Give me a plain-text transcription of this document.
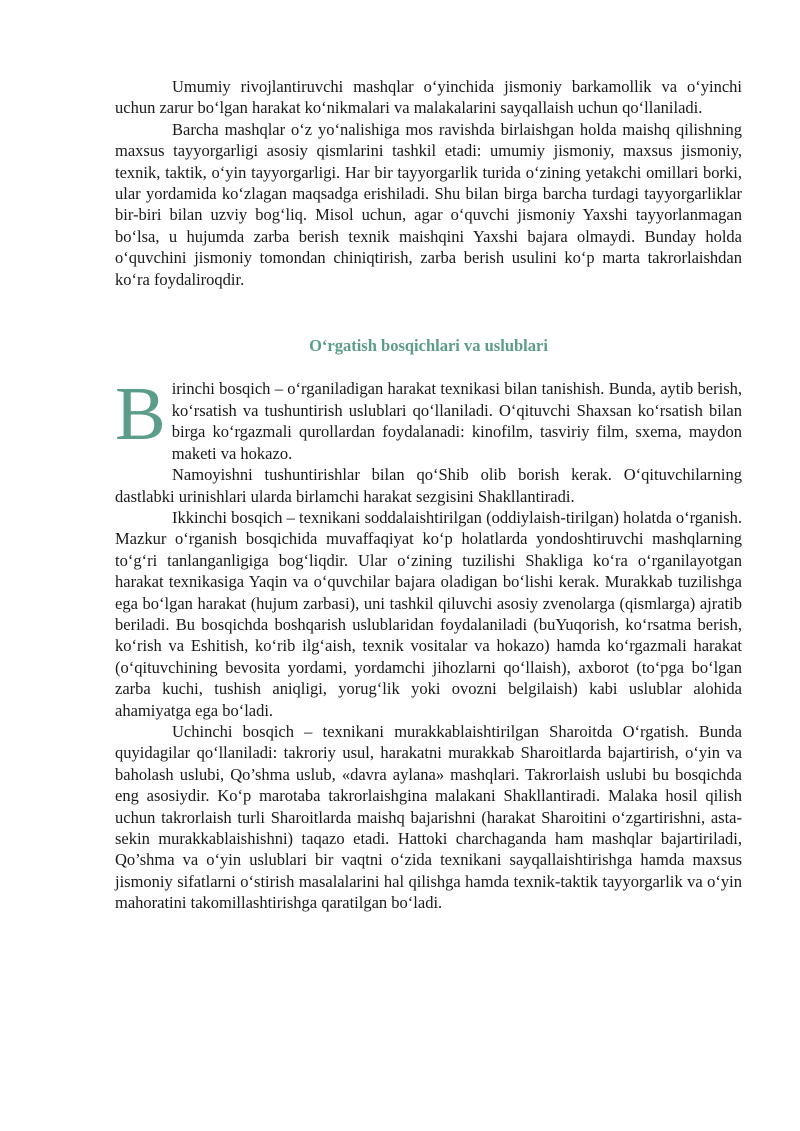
Umumiy rivojlantiruvchi mashqlar o‘yinchida jismoniy barkamollik va o‘yinchi uchun zarur bo‘lgan harakat ko‘nikmalari va malakalarini sayqallaish uchun qo‘llaniladi.

Barcha mashqlar o‘z yo‘nalishiga mos ravishda birlaishgan holda maishq qilishning maxsus tayyorgarligi asosiy qismlarini tashkil etadi: umumiy jismoniy, maxsus jismoniy, texnik, taktik, o‘yin tayyorgarligi. Har bir tayyorgarlik turida o‘zining yetakchi omillari borki, ular yordamida ko‘zlagan maqsadga erishiladi. Shu bilan birga barcha turdagi tayyorgarliklar bir-biri bilan uzviy bog‘liq. Misol uchun, agar o‘quvchi jismoniy Yaxshi tayyorlanmagan bo‘lsa, u hujumda zarba berish texnik maishqini Yaxshi bajara olmaydi. Bunday holda o‘quvchini jismoniy tomondan chiniqtirish, zarba berish usulini ko‘p marta takrorlaishdan ko‘ra foydaliroqdir.

O‘rgatish bosqichlari va uslublari

Birinchi bosqich – o‘rganiladigan harakat texnikasi bilan tanishish. Bunda, aytib berish, ko‘rsatish va tushuntirish uslublari qo‘llaniladi. O‘qituvchi Shaxsan ko‘rsatish bilan birga ko‘rgazmali qurollardan foydalanadi: kinofilm, tasviriy film, sxema, maydon maketi va hokazo.

Namoyishni tushuntirishlar bilan qo‘Shib olib borish kerak. O‘qituvchilarning dastlabki urinishlari ularda birlamchi harakat sezgisini Shakllantiradi.

Ikkinchi bosqich – texnikani soddalaishtirilgan (oddiylaish-tirilgan) holatda o‘rganish. Mazkur o‘rganish bosqichida muvaffaqiyat ko‘p holatlarda yondoshtiruvchi mashqlarning to‘g‘ri tanlanganligiga bog‘liqdir. Ular o‘zining tuzilishi Shakliga ko‘ra o‘rganilayotgan harakat texnikasiga Yaqin va o‘quvchilar bajara oladigan bo‘lishi kerak. Murakkab tuzilishga ega bo‘lgan harakat (hujum zarbasi), uni tashkil qiluvchi asosiy zvenolarga (qismlarga) ajratib beriladi. Bu bosqichda boshqarish uslublaridan foydalaniladi (buYuqorish, ko‘rsatma berish, ko‘rish va Eshitish, ko‘rib ilg‘aish, texnik vositalar va hokazo) hamda ko‘rgazmali harakat (o‘qituvchining bevosita yordami, yordamchi jihozlarni qo‘llaish), axborot (to‘pga bo‘lgan zarba kuchi, tushish aniqligi, yorug‘lik yoki ovozni belgilaish) kabi uslublar alohida ahamiyatga ega bo‘ladi.

Uchinchi bosqich – texnikani murakkablaishtirilgan Sharoitda O‘rgatish. Bunda quyidagilar qo‘llaniladi: takroriy usul, harakatni murakkab Sharoitlarda bajartirish, o‘yin va baholash uslubi, Qo’shma uslub, «davra aylana» mashqlari. Takrorlaish uslubi bu bosqichda eng asosiydir. Ko‘p marotaba takrorlaishgina malakani Shakllantiradi. Malaka hosil qilish uchun takrorlaish turli Sharoitlarda maishq bajarishni (harakat Sharoitini o‘zgartirishni, asta-sekin murakkablaishishni) taqazo etadi. Hattoki charchaganda ham mashqlar bajartiriladi, Qo’shma va o‘yin uslublari bir vaqtni o‘zida texnikani sayqallaishtirishga hamda maxsus jismoniy sifatlarni o‘stirish masalalarini hal qilishga hamda texnik-taktik tayyorgarlik va o‘yin mahoratini takomillashtirishga qaratilgan bo‘ladi.
